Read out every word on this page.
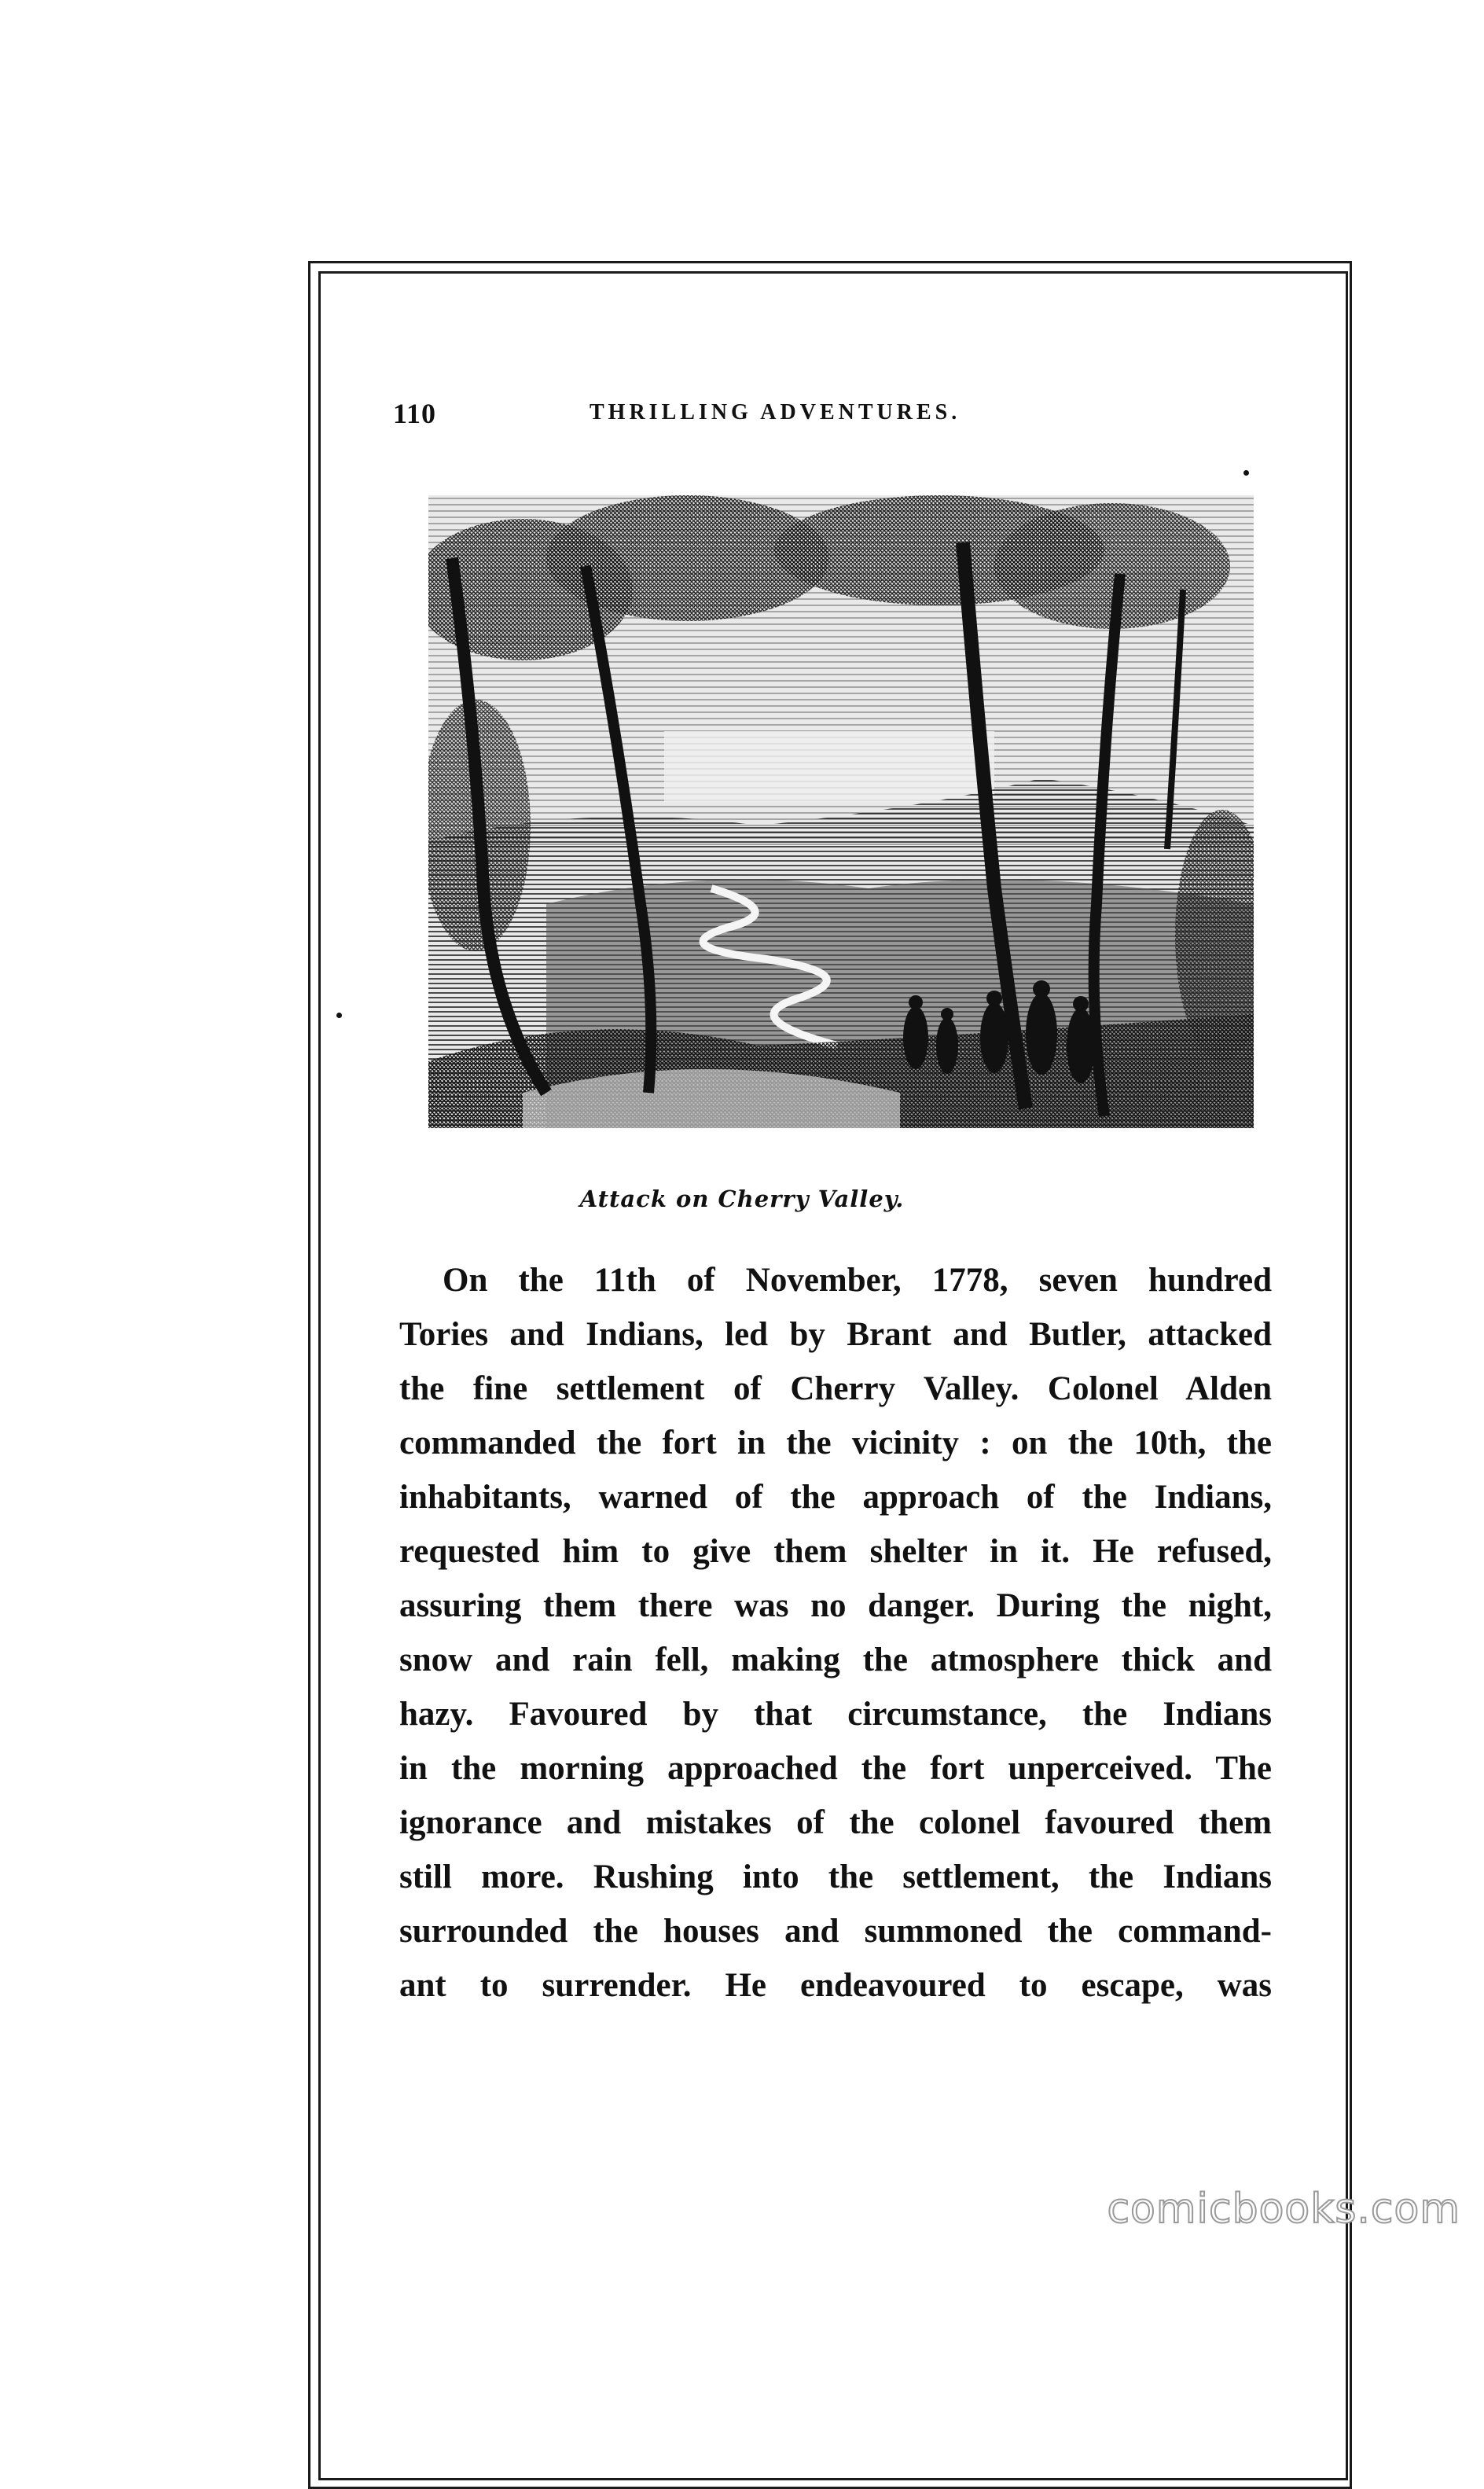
110	THRILLING ADVENTURES.
Attack on Cherry Valley.
On the 11th of November, 1778, seven hundred
Tories and Indians, led by Brant and Butler, attacked
the fine settlement of Cherry Valley. Colonel Alden
commanded the fort in the vicinity : on the 10th, the
inhabitants, warned of the approach of the Indians,
requested him to give them shelter in it. He refused,
assuring them there was no danger. During the night,
snow and rain fell, making the atmosphere thick and
hazy. Favoured by that circumstance, the Indians
in the morning approached the fort unperceived. The
ignorance and mistakes of the colonel favoured them
still more. Rushing into the settlement, the Indians
surrounded the houses and summoned the command-
ant to surrender. He endeavoured to escape, was
comicbooks.com
